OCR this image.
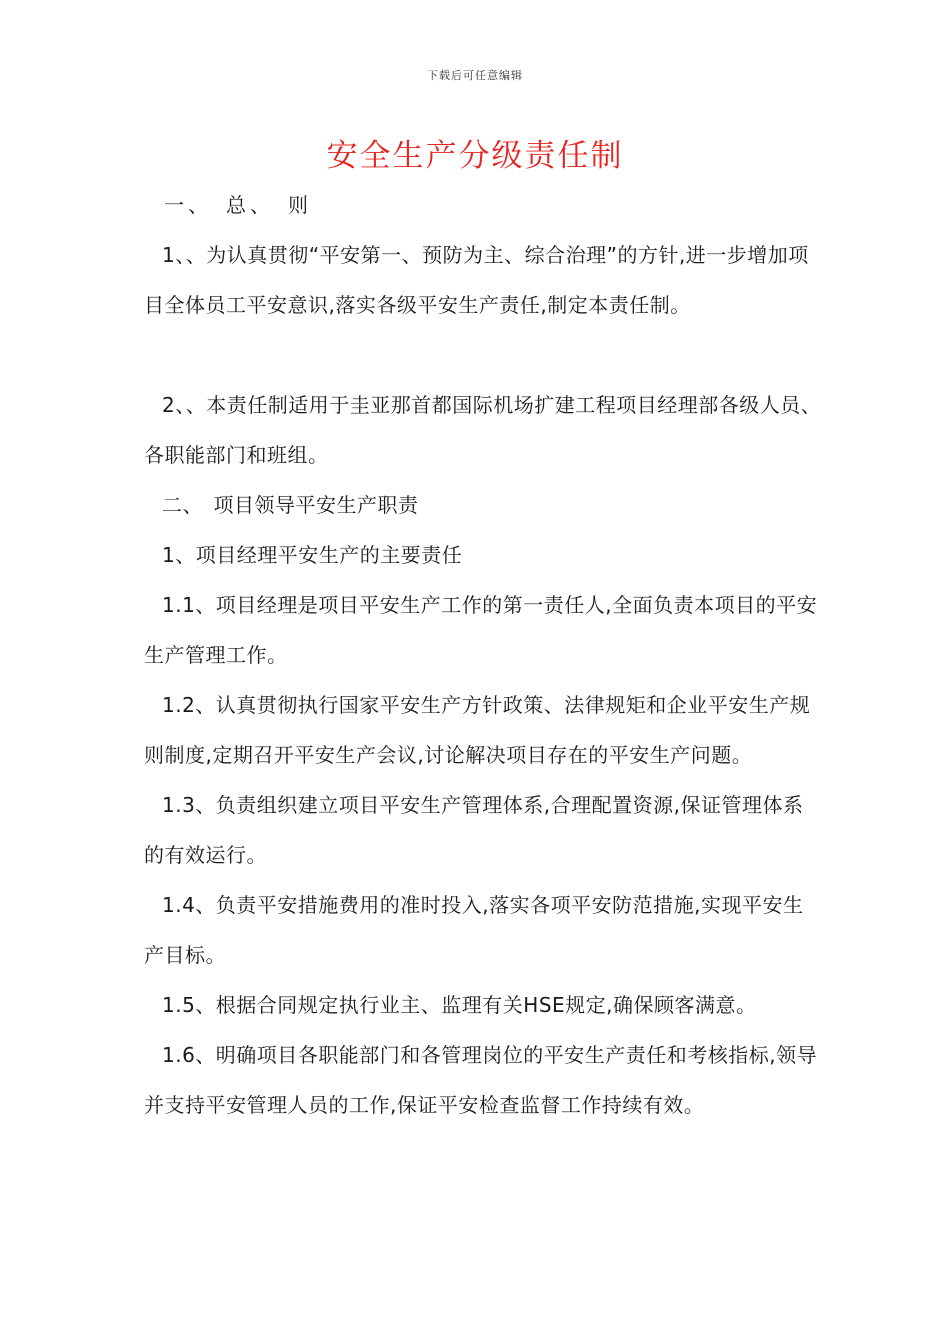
下载后可任意编辑
安全生产分级责任制

一、　总、　则

1、、为认真贯彻“平安第一、预防为主、综合治理”的方针,进一步增加项目全体员工平安意识,落实各级平安生产责任,制定本责任制。

2、、本责任制适用于圭亚那首都国际机场扩建工程项目经理部各级人员、各职能部门和班组。

二、　项目领导平安生产职责

1、项目经理平安生产的主要责任

1.1、项目经理是项目平安生产工作的第一责任人,全面负责本项目的平安生产管理工作。

1.2、认真贯彻执行国家平安生产方针政策、法律规矩和企业平安生产规则制度,定期召开平安生产会议,讨论解决项目存在的平安生产问题。

1.3、负责组织建立项目平安生产管理体系,合理配置资源,保证管理体系的有效运行。

1.4、负责平安措施费用的准时投入,落实各项平安防范措施,实现平安生产目标。

1.5、根据合同规定执行业主、监理有关HSE规定,确保顾客满意。

1.6、明确项目各职能部门和各管理岗位的平安生产责任和考核指标,领导并支持平安管理人员的工作,保证平安检查监督工作持续有效。
